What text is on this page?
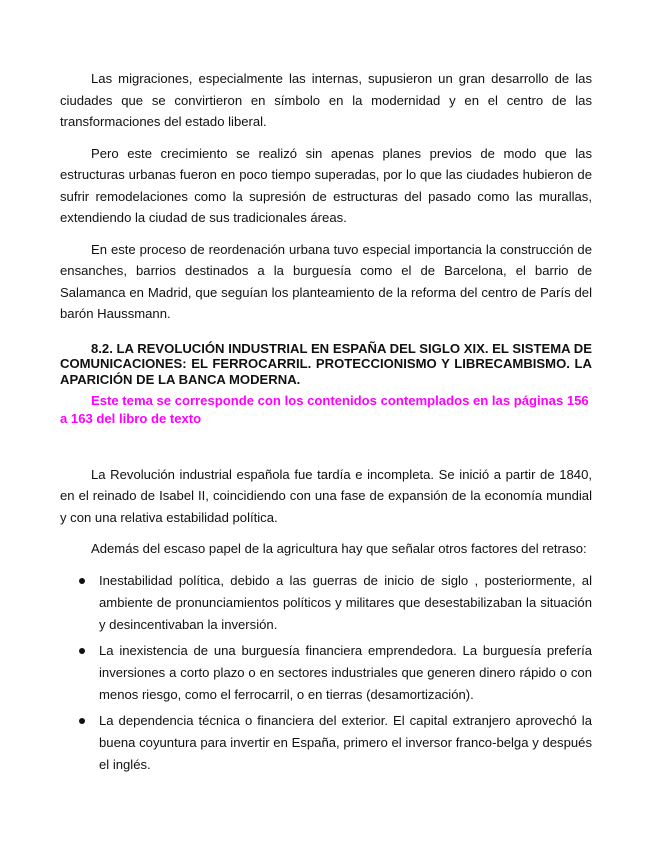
Las migraciones, especialmente las internas, supusieron un gran desarrollo de las ciudades que se convirtieron en símbolo en la modernidad y en el centro de las transformaciones del estado liberal.

Pero este crecimiento se realizó sin apenas planes previos de modo que las estructuras urbanas fueron en poco tiempo superadas, por lo que las ciudades hubieron de sufrir remodelaciones como la supresión de estructuras del pasado como las murallas, extendiendo la ciudad de sus tradicionales áreas.

En este proceso de reordenación urbana tuvo especial importancia la construcción de ensanches, barrios destinados a la burguesía como el de Barcelona, el barrio de Salamanca en Madrid, que seguían los planteamiento de la reforma del centro de París del barón Haussmann.

8.2. LA REVOLUCIÓN INDUSTRIAL EN ESPAÑA DEL SIGLO XIX. EL SISTEMA DE COMUNICACIONES: EL FERROCARRIL. PROTECCIONISMO Y LIBRECAMBISMO. LA APARICIÓN DE LA BANCA MODERNA.

Este tema se corresponde con los contenidos contemplados en las páginas 156 a 163 del libro de texto

La Revolución industrial española fue tardía e incompleta. Se inició a partir de 1840, en el reinado de Isabel II, coincidiendo con una fase de expansión de la economía mundial y con una relativa estabilidad política.

Además del escaso papel de la agricultura hay que señalar otros factores del retraso:

Inestabilidad política, debido a las guerras de inicio de siglo , posteriormente, al ambiente de pronunciamientos políticos y militares que desestabilizaban la situación y desincentivaban la inversión.
La inexistencia de una burguesía financiera emprendedora. La burguesía prefería inversiones a corto plazo o en sectores industriales que generen dinero rápido o con menos riesgo, como el ferrocarril, o en tierras (desamortización).
La dependencia técnica o financiera del exterior. El capital extranjero aprovechó la buena coyuntura para invertir en España, primero el inversor franco-belga y después el inglés.
